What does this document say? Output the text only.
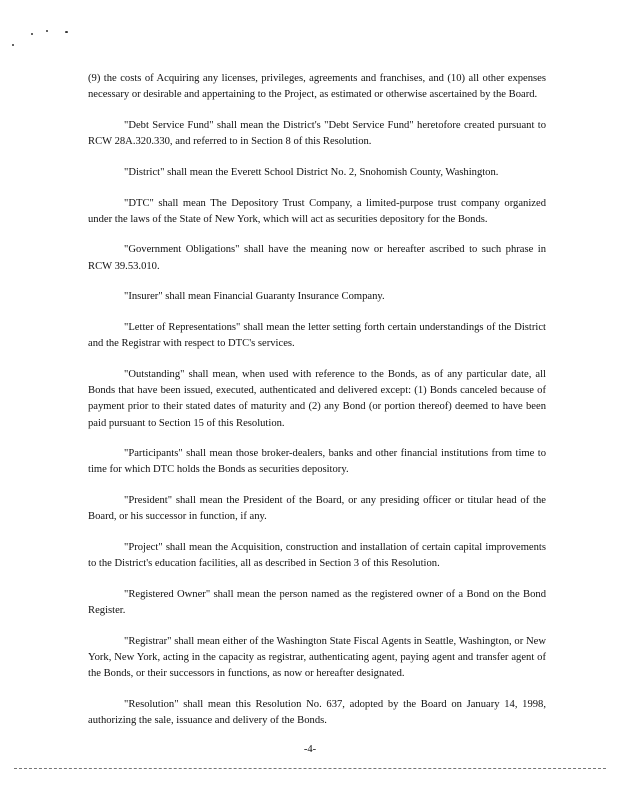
(9) the costs of Acquiring any licenses, privileges, agreements and franchises, and (10) all other expenses necessary or desirable and appertaining to the Project, as estimated or otherwise ascertained by the Board.

"Debt Service Fund" shall mean the District's "Debt Service Fund" heretofore created pursuant to RCW 28A.320.330, and referred to in Section 8 of this Resolution.

"District" shall mean the Everett School District No. 2, Snohomish County, Washington.

"DTC" shall mean The Depository Trust Company, a limited-purpose trust company organized under the laws of the State of New York, which will act as securities depository for the Bonds.

"Government Obligations" shall have the meaning now or hereafter ascribed to such phrase in RCW 39.53.010.

"Insurer" shall mean Financial Guaranty Insurance Company.

"Letter of Representations" shall mean the letter setting forth certain understandings of the District and the Registrar with respect to DTC's services.

"Outstanding" shall mean, when used with reference to the Bonds, as of any particular date, all Bonds that have been issued, executed, authenticated and delivered except: (1) Bonds canceled because of payment prior to their stated dates of maturity and (2) any Bond (or portion thereof) deemed to have been paid pursuant to Section 15 of this Resolution.

"Participants" shall mean those broker-dealers, banks and other financial institutions from time to time for which DTC holds the Bonds as securities depository.

"President" shall mean the President of the Board, or any presiding officer or titular head of the Board, or his successor in function, if any.

"Project" shall mean the Acquisition, construction and installation of certain capital improvements to the District's education facilities, all as described in Section 3 of this Resolution.

"Registered Owner" shall mean the person named as the registered owner of a Bond on the Bond Register.

"Registrar" shall mean either of the Washington State Fiscal Agents in Seattle, Washington, or New York, New York, acting in the capacity as registrar, authenticating agent, paying agent and transfer agent of the Bonds, or their successors in functions, as now or hereafter designated.

"Resolution" shall mean this Resolution No. 637, adopted by the Board on January 14, 1998, authorizing the sale, issuance and delivery of the Bonds.

-4-
